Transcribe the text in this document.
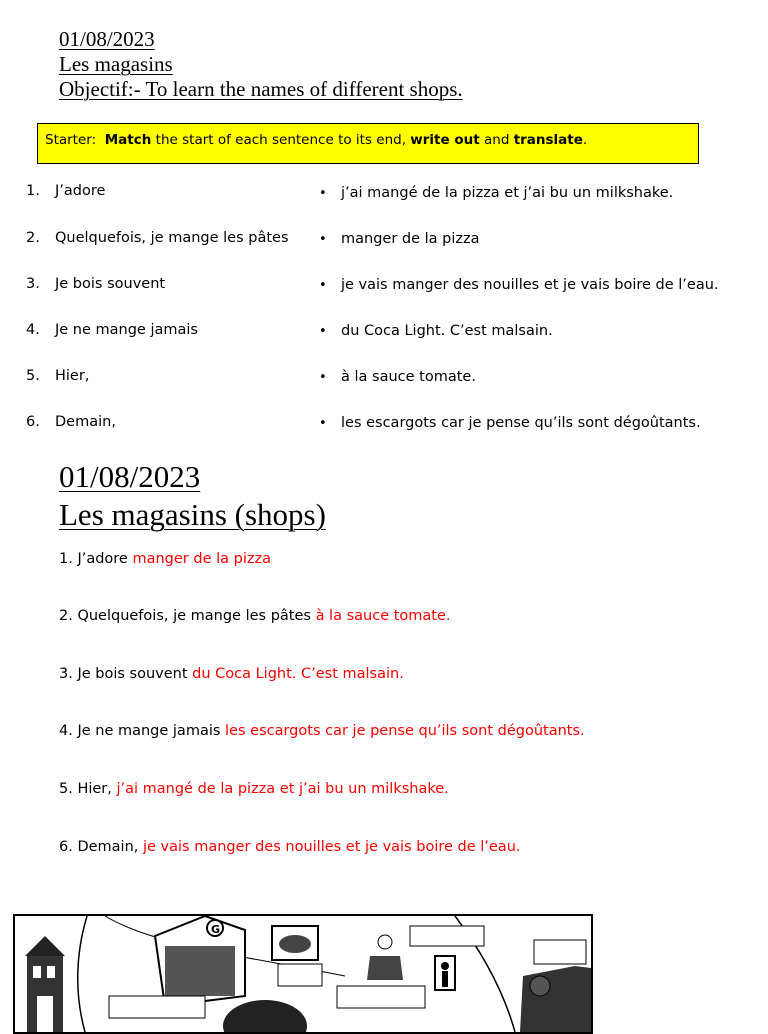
01/08/2023
Les magasins
Objectif:- To learn the names of different shops.
Starter: Match the start of each sentence to its end, write out and translate.
1. J’adore
2. Quelquefois, je mange les pâtes
3. Je bois souvent
4. Je ne mange jamais
5. Hier,
6. Demain,
• j’ai mangé de la pizza et j’ai bu un milkshake.
• manger de la pizza
• je vais manger des nouilles et je vais boire de l’eau.
• du Coca Light. C’est malsain.
• à la sauce tomate.
• les escargots car je pense qu’ils sont dégoûtants.
01/08/2023
Les magasins (shops)
1. J’adore manger de la pizza
2. Quelquefois, je mange les pâtes à la sauce tomate.
3. Je bois souvent du Coca Light. C’est malsain.
4. Je ne mange jamais les escargots car je pense qu’ils sont dégoûtants.
5. Hier, j’ai mangé de la pizza et j’ai bu un milkshake.
6. Demain, je vais manger des nouilles et je vais boire de l’eau.
G
